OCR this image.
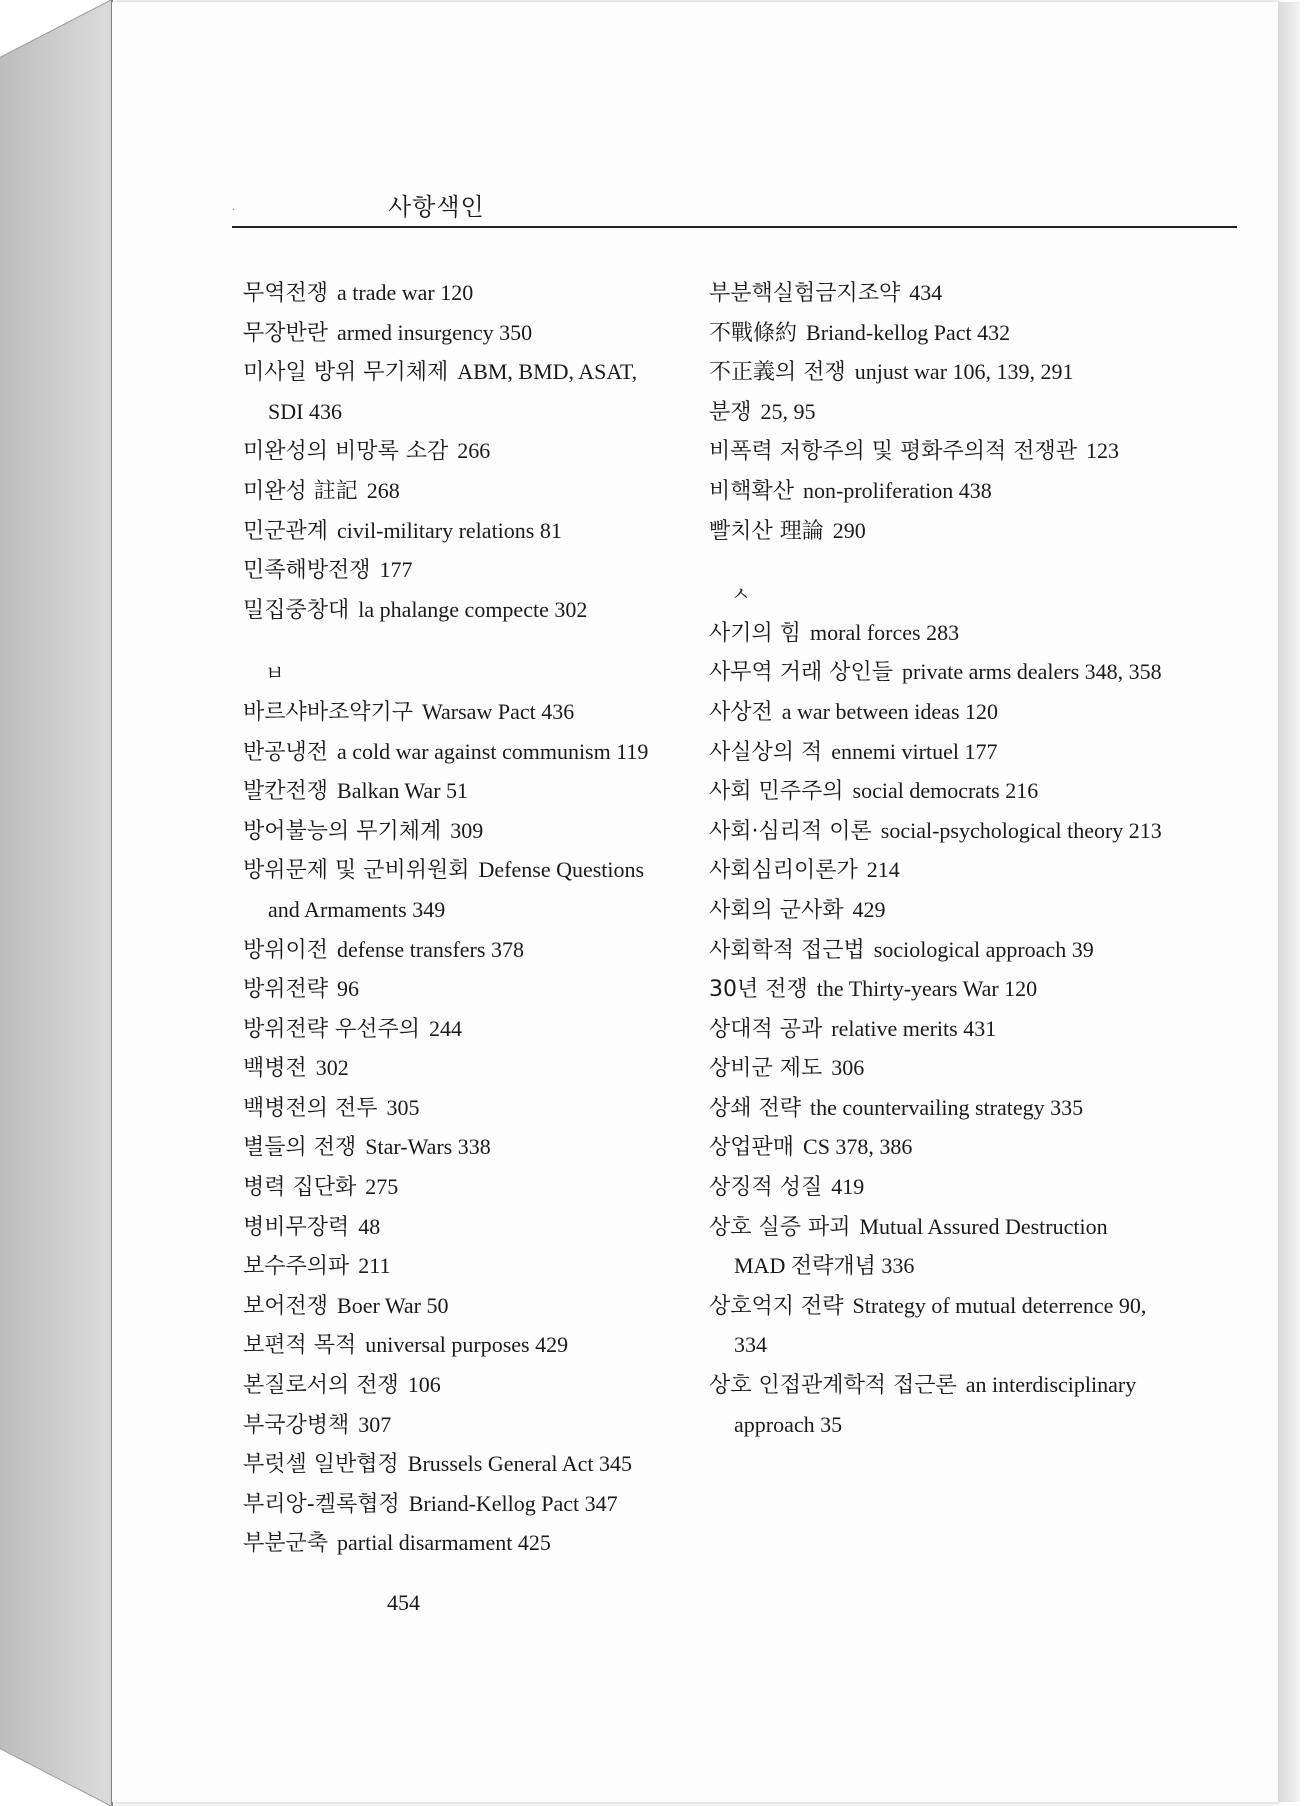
·	사항색인

무역전쟁 a trade war 120

무장반란 armed insurgency 350

미사일 방위 무기체제 ABM, BMD, ASAT, SDI 436

미완성의 비망록 소감 266

미완성 註記 268

민군관계 civil-military relations 81

민족해방전쟁 177

밀집중창대 la phalange compecte 302

ㅂ

바르샤바조약기구 Warsaw Pact 436

반공냉전 a cold war against communism 119

발칸전쟁 Balkan War 51

방어불능의 무기체계 309

방위문제 및 군비위원회 Defense Questions and Armaments 349

방위이전 defense transfers 378

방위전략 96

방위전략 우선주의 244

백병전 302

백병전의 전투 305

별들의 전쟁 Star-Wars 338

병력 집단화 275

병비무장력 48

보수주의파 211

보어전쟁 Boer War 50

보편적 목적 universal purposes 429

본질로서의 전쟁 106

부국강병책 307

부럿셀 일반협정 Brussels General Act 345

부리앙-켈록협정 Briand-Kellog Pact 347

부분군축 partial disarmament 425

부분핵실험금지조약 434

不戰條約 Briand-kellog Pact 432

不正義의 전쟁 unjust war 106, 139, 291

분쟁 25, 95

비폭력 저항주의 및 평화주의적 전쟁관 123

비핵확산 non-proliferation 438

빨치산 理論 290

ㅅ

사기의 힘 moral forces 283

사무역 거래 상인들 private arms dealers 348, 358

사상전 a war between ideas 120

사실상의 적 ennemi virtuel 177

사회 민주주의 social democrats 216

사회·심리적 이론 social-psychological theory 213

사회심리이론가 214

사회의 군사화 429

사회학적 접근법 sociological approach 39

30년 전쟁 the Thirty-years War 120

상대적 공과 relative merits 431

상비군 제도 306

상쇄 전략 the countervailing strategy 335

상업판매 CS 378, 386

상징적 성질 419

상호 실증 파괴 Mutual Assured Destruction MAD 전략개념 336

상호억지 전략 Strategy of mutual deterrence 90, 334

상호 인접관계학적 접근론 an interdisciplinary approach 35

454
